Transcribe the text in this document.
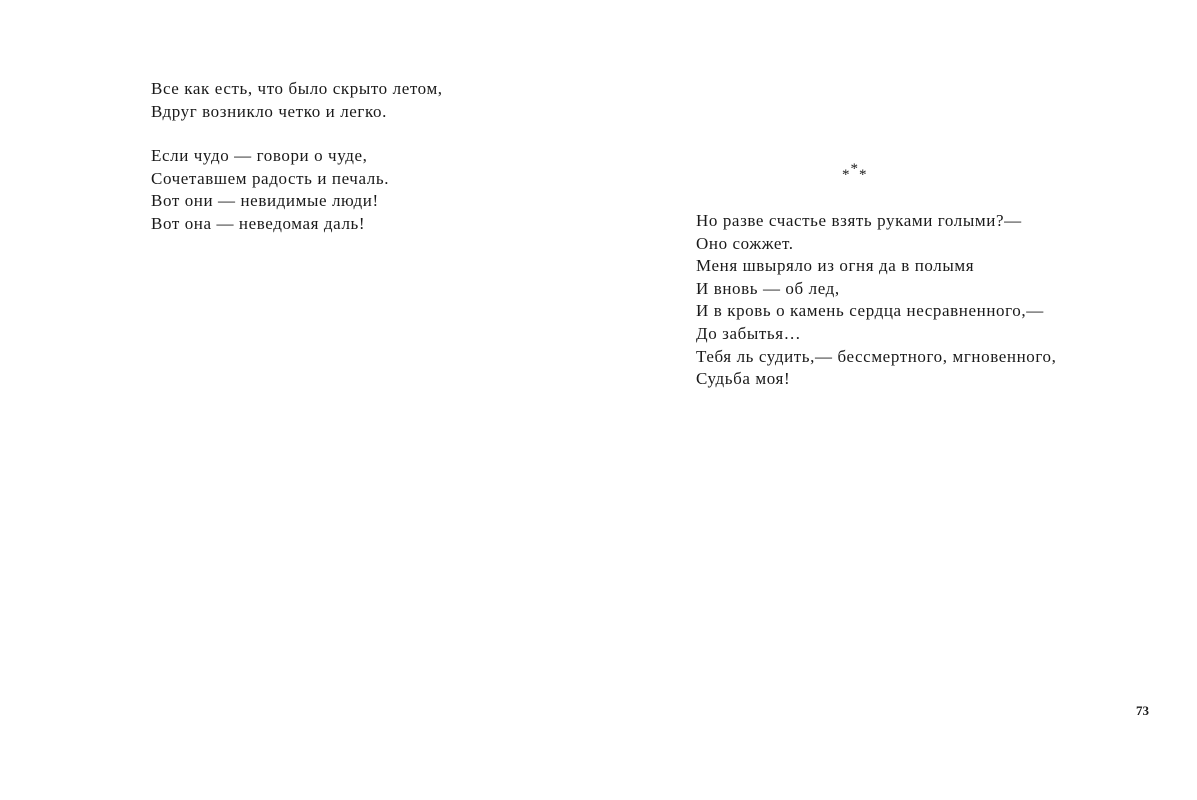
Все как есть, что было скрыто летом,
Вдруг возникло четко и легко.
Если чудо — говори о чуде,
Сочетавшем радость и печаль.
Вот они — невидимые люди!
Вот она — неведомая даль!
***
Но разве счастье взять руками голыми?—
Оно сожжет.
Меня швыряло из огня да в полымя
И вновь — об лед,
И в кровь о камень сердца несравненного,—
До забытья…
Тебя ль судить,— бессмертного, мгновенного,
Судьба моя!
73
